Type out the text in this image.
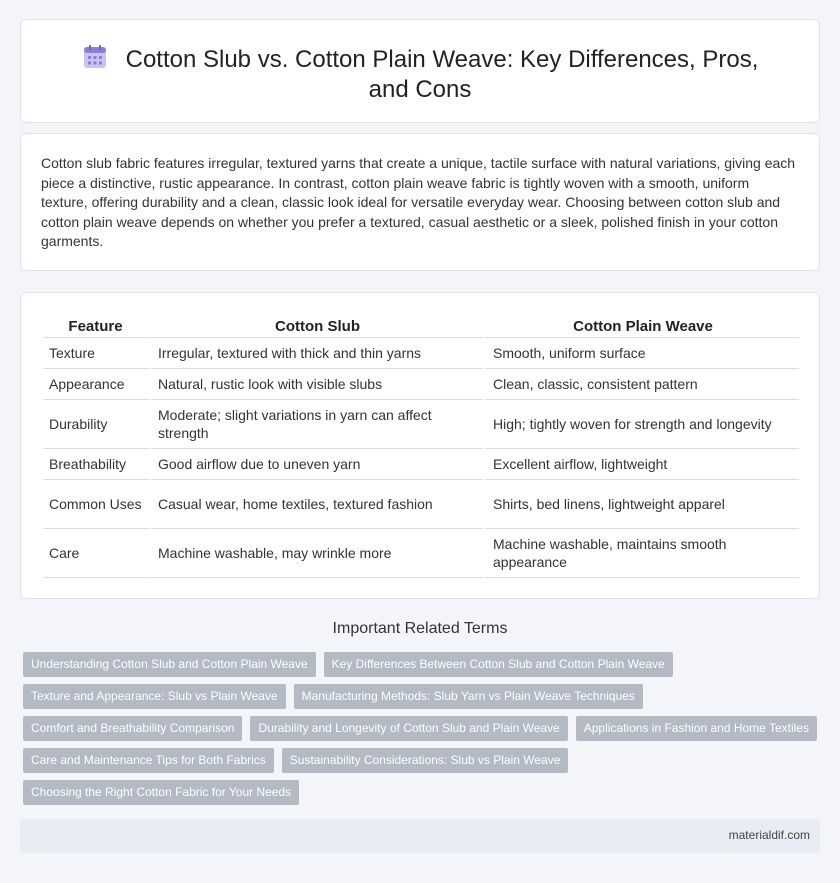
Cotton Slub vs. Cotton Plain Weave: Key Differences, Pros, and Cons

Cotton slub fabric features irregular, textured yarns that create a unique, tactile surface with natural variations, giving each piece a distinctive, rustic appearance. In contrast, cotton plain weave fabric is tightly woven with a smooth, uniform texture, offering durability and a clean, classic look ideal for versatile everyday wear. Choosing between cotton slub and cotton plain weave depends on whether you prefer a textured, casual aesthetic or a sleek, polished finish in your cotton garments.

Feature	Cotton Slub	Cotton Plain Weave
Texture	Irregular, textured with thick and thin yarns	Smooth, uniform surface
Appearance	Natural, rustic look with visible slubs	Clean, classic, consistent pattern
Durability	Moderate; slight variations in yarn can affect strength	High; tightly woven for strength and longevity
Breathability	Good airflow due to uneven yarn	Excellent airflow, lightweight
Common Uses	Casual wear, home textiles, textured fashion	Shirts, bed linens, lightweight apparel
Care	Machine washable, may wrinkle more	Machine washable, maintains smooth appearance
Important Related Terms
Understanding Cotton Slub and Cotton Plain Weave	Key Differences Between Cotton Slub and Cotton Plain Weave
Texture and Appearance: Slub vs Plain Weave	Manufacturing Methods: Slub Yarn vs Plain Weave Techniques
Comfort and Breathability Comparison	Durability and Longevity of Cotton Slub and Plain Weave	Applications in Fashion and Home Textiles
Care and Maintenance Tips for Both Fabrics	Sustainability Considerations: Slub vs Plain Weave
Choosing the Right Cotton Fabric for Your Needs
materialdif.com
